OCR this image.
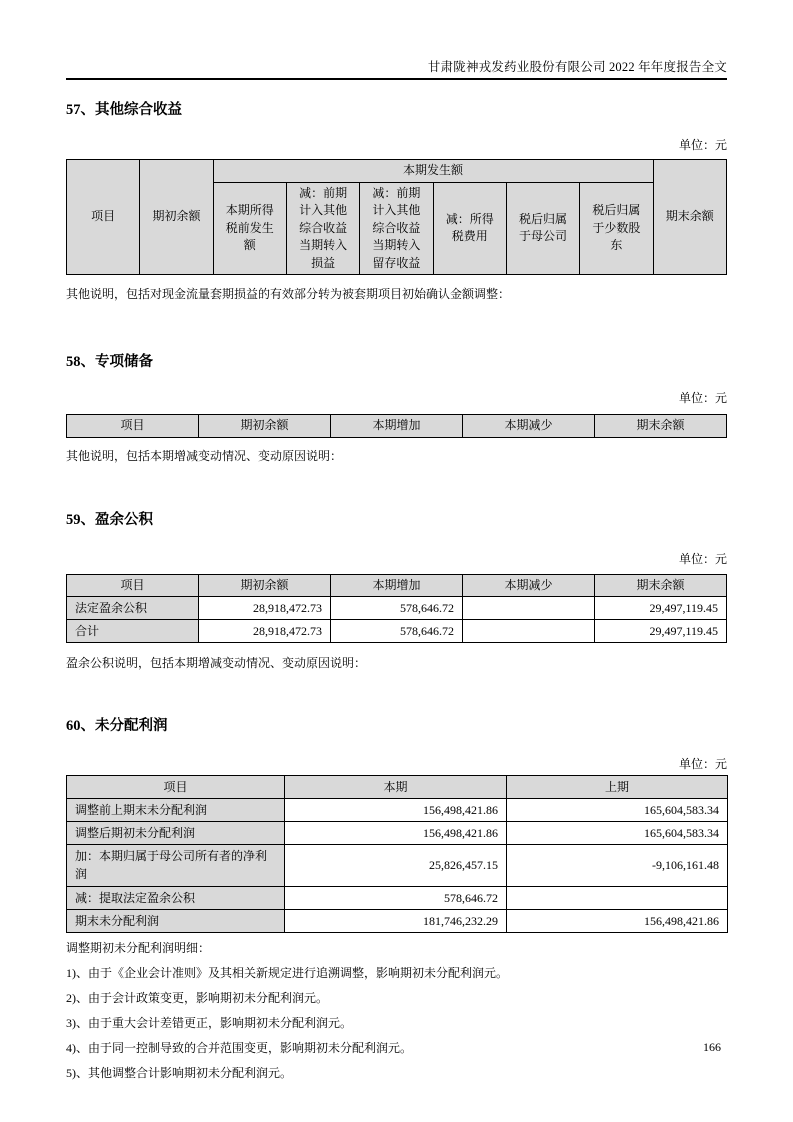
甘肃陇神戎发药业股份有限公司 2022 年年度报告全文
57、其他综合收益
单位：元
项目	期初余额	本期发生额						期末余额
		本期所得税前发生额	减：前期计入其他综合收益当期转入损益	减：前期计入其他综合收益当期转入留存收益	减：所得税费用	税后归属于母公司	税后归属于少数股东	
其他说明，包括对现金流量套期损益的有效部分转为被套期项目初始确认金额调整：
58、专项储备
单位：元
项目	期初余额	本期增加	本期减少	期末余额
其他说明，包括本期增减变动情况、变动原因说明：
59、盈余公积
单位：元
项目	期初余额	本期增加	本期减少	期末余额
法定盈余公积	28,918,472.73	578,646.72		29,497,119.45
合计	28,918,472.73	578,646.72		29,497,119.45
盈余公积说明，包括本期增减变动情况、变动原因说明：
60、未分配利润
单位：元
项目	本期	上期
调整前上期末未分配利润	156,498,421.86	165,604,583.34
调整后期初未分配利润	156,498,421.86	165,604,583.34
加：本期归属于母公司所有者的净利润	25,826,457.15	-9,106,161.48
减：提取法定盈余公积	578,646.72	
期末未分配利润	181,746,232.29	156,498,421.86
调整期初未分配利润明细：
1)、由于《企业会计准则》及其相关新规定进行追溯调整，影响期初未分配利润元。
2)、由于会计政策变更，影响期初未分配利润元。
3)、由于重大会计差错更正，影响期初未分配利润元。
4)、由于同一控制导致的合并范围变更，影响期初未分配利润元。
5)、其他调整合计影响期初未分配利润元。
166
